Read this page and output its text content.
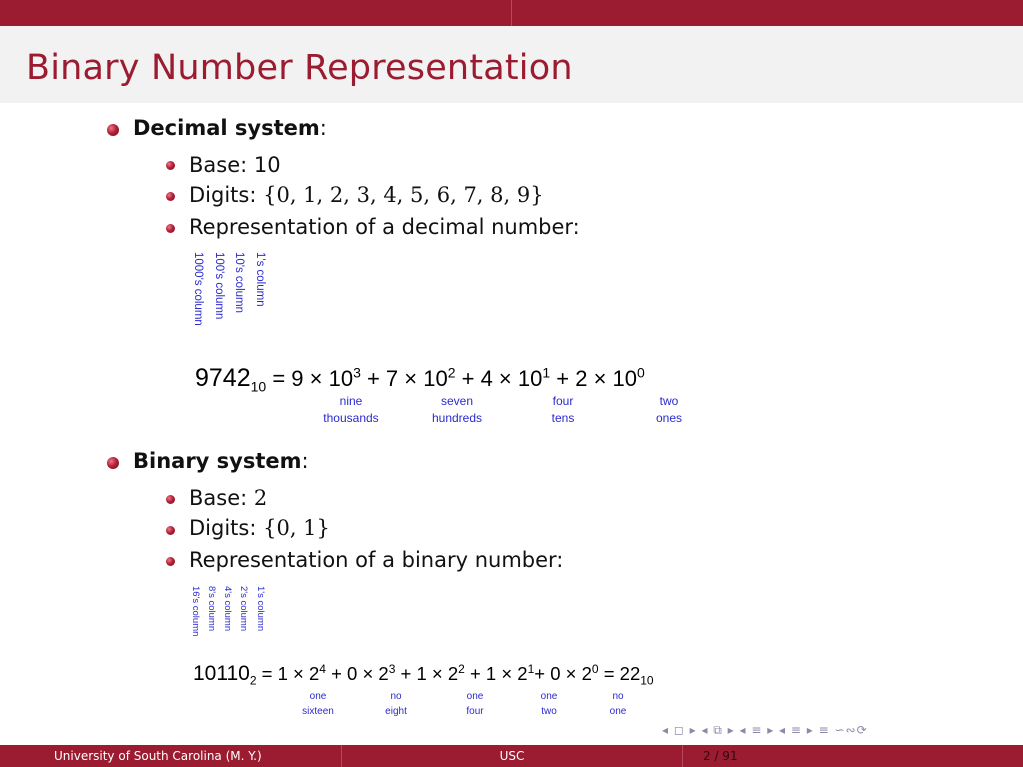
Binary Number Representation
Decimal system:
Base: 10
Digits: {0, 1, 2, 3, 4, 5, 6, 7, 8, 9}
Representation of a decimal number:
1's column
10's column
100's column
1000's column
$9742_{10} = 9 \times 10^3 + 7 \times 10^2 + 4 \times 10^1 + 2 \times 10^0$
nine
thousands
seven
hundreds
four
tens
two
ones
Binary system:
Base: 2
Digits: {0, 1}
Representation of a binary number:
1's column
2's column
4's column
8's column
16's column
$10110_2 = 1 \times 2^4 + 0 \times 2^3 + 1 \times 2^2 + 1 \times 2^1+ 0 \times 2^0 = 22_{10}$
one
sixteen
no
eight
one
four
one
two
no
one
◂ ◻ ▸ ◂ ⧉ ▸ ◂ ≡ ▸ ◂ ≡ ▸ ≡ ∽∾⟳
University of South Carolina (M. Y.)	USC	2 / 91
